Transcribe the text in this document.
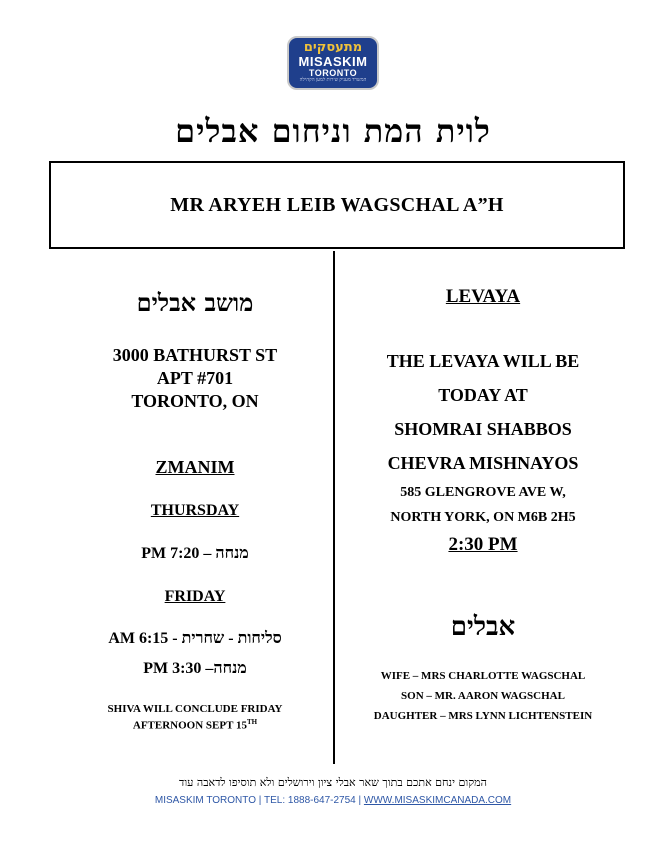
מתעסקים
MISASKIM
TORONTO
המשרד מעניק שירות למען הקהילה
לוית המת וניחום אבלים
MR ARYEH LEIB WAGSCHAL A”H
מושב אבלים
3000 BATHURST ST
APT #701
TORONTO, ON
ZMANIM
THURSDAY
מנחה – 7:20 PM
FRIDAY
סליחות - שחרית - 6:15 AM
מנחה– 3:30 PM
SHIVA WILL CONCLUDE FRIDAY
AFTERNOON SEPT 15TH
LEVAYA
THE LEVAYA WILL BE
TODAY AT
SHOMRAI SHABBOS
CHEVRA MISHNAYOS
585 GLENGROVE AVE W,
NORTH YORK, ON M6B 2H5
2:30 PM
אבלים
WIFE – MRS CHARLOTTE WAGSCHAL
SON – MR. AARON WAGSCHAL
DAUGHTER – MRS LYNN LICHTENSTEIN
המקום ינחם אתכם בתוך שאר אבלי ציון וירושלים ולא תוסיפו לדאבה עוד
MISASKIM TORONTO | TEL: 1888-647-2754 | WWW.MISASKIMCANADA.COM
